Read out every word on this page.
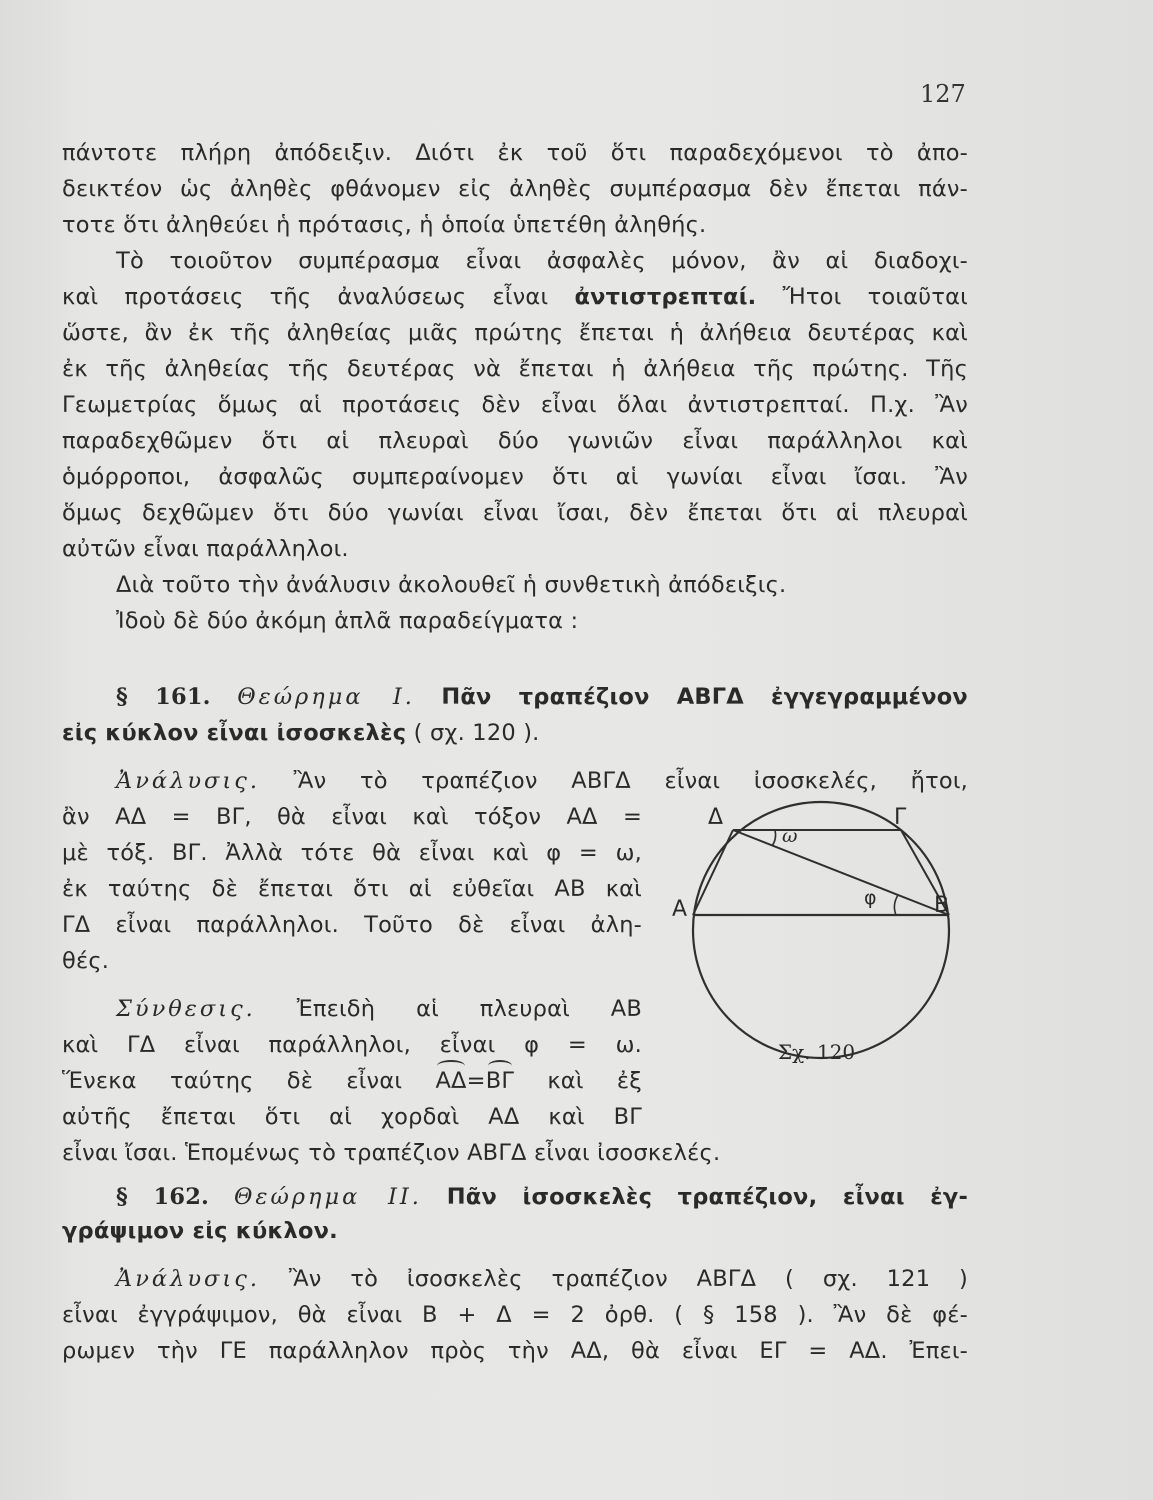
127
πάντοτε πλήρη ἀπόδειξιν. Διότι ἐκ τοῦ ὅτι παραδεχόμενοι τὸ ἀπο-
δεικτέον ὡς ἀληθὲς φθάνομεν εἰς ἀληθὲς συμπέρασμα δὲν ἔπεται πάν-
τοτε ὅτι ἀληθεύει ἡ πρότασις, ἡ ὁποία ὑπετέθη ἀληθής.
Τὸ τοιοῦτον συμπέρασμα εἶναι ἀσφαλὲς μόνον, ἂν αἱ διαδοχι-
καὶ προτάσεις τῆς ἀναλύσεως εἶναι ἀντιστρεπταί. Ἤτοι τοιαῦται
ὥστε, ἂν ἐκ τῆς ἀληθείας μιᾶς πρώτης ἔπεται ἡ ἀλήθεια δευτέρας καὶ
ἐκ τῆς ἀληθείας τῆς δευτέρας νὰ ἔπεται ἡ ἀλήθεια τῆς πρώτης. Τῆς
Γεωμετρίας ὅμως αἱ προτάσεις δὲν εἶναι ὅλαι ἀντιστρεπταί. Π.χ. Ἂν
παραδεχθῶμεν ὅτι αἱ πλευραὶ δύο γωνιῶν εἶναι παράλληλοι καὶ
ὁμόρροποι, ἀσφαλῶς συμπεραίνομεν ὅτι αἱ γωνίαι εἶναι ἴσαι. Ἂν
ὅμως δεχθῶμεν ὅτι δύο γωνίαι εἶναι ἴσαι, δὲν ἔπεται ὅτι αἱ πλευραὶ
αὐτῶν εἶναι παράλληλοι.
Διὰ τοῦτο τὴν ἀνάλυσιν ἀκολουθεῖ ἡ συνθετικὴ ἀπόδειξις.
Ἰδοὺ δὲ δύο ἀκόμη ἁπλᾶ παραδείγματα :
§ 161. Θεώρημα Ι. Πᾶν τραπέζιον ΑΒΓΔ ἐγγεγραμμένον
εἰς κύκλον εἶναι ἰσοσκελὲς ( σχ. 120 ).
Ἀνάλυσις. Ἂν τὸ τραπέζιον ΑΒΓΔ εἶναι ἰσοσκελές, ἤτοι,
ἂν ΑΔ = ΒΓ, θὰ εἶναι καὶ τόξον ΑΔ =
μὲ τόξ. ΒΓ. Ἀλλὰ τότε θὰ εἶναι καὶ φ = ω,
ἐκ ταύτης δὲ ἔπεται ὅτι αἱ εὐθεῖαι ΑΒ καὶ
ΓΔ εἶναι παράλληλοι. Τοῦτο δὲ εἶναι ἀλη-
θές.
Σύνθεσις. Ἐπειδὴ αἱ πλευραὶ ΑΒ
καὶ ΓΔ εἶναι παράλληλοι, εἶναι φ = ω.
Ἕνεκα ταύτης δὲ εἶναι ΑΔ=ΒΓ καὶ ἐξ
αὐτῆς ἔπεται ὅτι αἱ χορδαὶ ΑΔ καὶ ΒΓ
εἶναι ἴσαι. Ἑπομένως τὸ τραπέζιον ΑΒΓΔ εἶναι ἰσοσκελές.
Α	Β
Γ
Δ
ω
φ
Σχ. 120
§ 162. Θεώρημα ΙΙ. Πᾶν ἰσοσκελὲς τραπέζιον, εἶναι ἐγ-
γράψιμον εἰς κύκλον.
Ἀνάλυσις. Ἂν τὸ ἰσοσκελὲς τραπέζιον ΑΒΓΔ ( σχ. 121 )
εἶναι ἐγγράψιμον, θὰ εἶναι Β + Δ = 2 ὀρθ. ( § 158 ). Ἂν δὲ φέ-
ρωμεν τὴν ΓΕ παράλληλον πρὸς τὴν ΑΔ, θὰ εἶναι ΕΓ = ΑΔ. Ἐπει-
